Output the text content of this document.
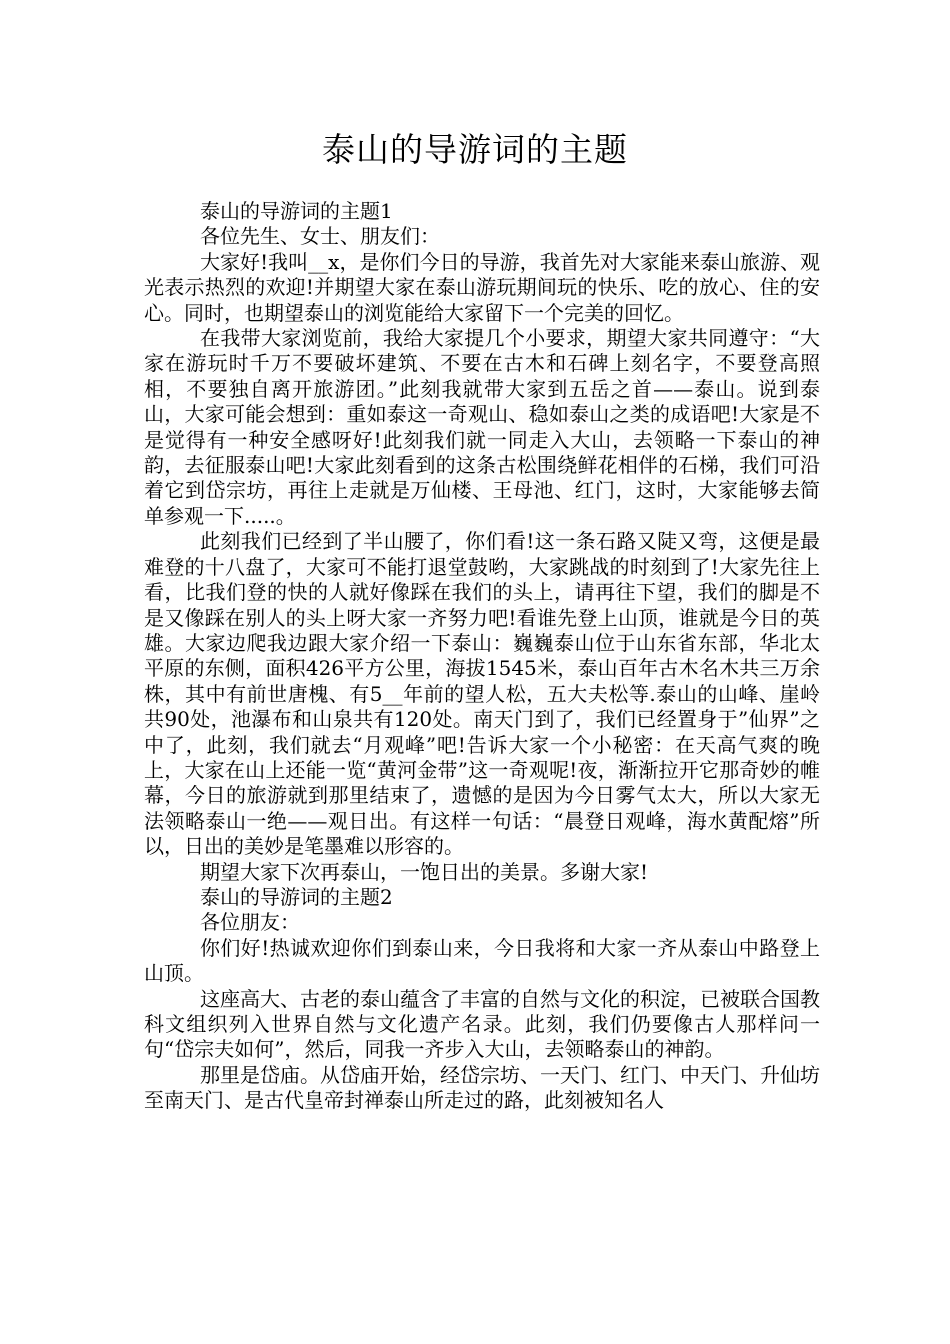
泰山的导游词的主题

泰山的导游词的主题1

各位先生、女士、朋友们：

大家好!我叫__x，是你们今日的导游，我首先对大家能来泰山旅游、观光表示热烈的欢迎!并期望大家在泰山游玩期间玩的快乐、吃的放心、住的安心。同时，也期望泰山的浏览能给大家留下一个完美的回忆。

在我带大家浏览前，我给大家提几个小要求，期望大家共同遵守：“大家在游玩时千万不要破坏建筑、不要在古木和石碑上刻名字，不要登高照相，不要独自离开旅游团。”此刻我就带大家到五岳之首——泰山。说到泰山，大家可能会想到：重如泰这一奇观山、稳如泰山之类的成语吧!大家是不是觉得有一种安全感呀好!此刻我们就一同走入大山，去领略一下泰山的神韵，去征服泰山吧!大家此刻看到的这条古松围绕鲜花相伴的石梯，我们可沿着它到岱宗坊，再往上走就是万仙楼、王母池、红门，这时，大家能够去简单参观一下.....。

此刻我们已经到了半山腰了，你们看!这一条石路又陡又弯，这便是最难登的十八盘了，大家可不能打退堂鼓哟，大家跳战的时刻到了!大家先往上看，比我们登的快的人就好像踩在我们的头上，请再往下望，我们的脚是不是又像踩在别人的头上呀大家一齐努力吧!看谁先登上山顶，谁就是今日的英雄。大家边爬我边跟大家介绍一下泰山：巍巍泰山位于山东省东部，华北太平原的东侧，面积426平方公里，海拔1545米，泰山百年古木名木共三万余株，其中有前世唐槐、有5__年前的望人松，五大夫松等.泰山的山峰、崖岭共90处，池瀑布和山泉共有120处。南天门到了，我们已经置身于”仙界”之中了，此刻，我们就去“月观峰”吧!告诉大家一个小秘密：在天高气爽的晚上，大家在山上还能一览“黄河金带”这一奇观呢!夜，渐渐拉开它那奇妙的帷幕，今日的旅游就到那里结束了，遗憾的是因为今日雾气太大，所以大家无法领略泰山一绝——观日出。有这样一句话：“晨登日观峰，海水黄配熔”所以，日出的美妙是笔墨难以形容的。

期望大家下次再泰山，一饱日出的美景。多谢大家!

泰山的导游词的主题2

各位朋友：

你们好!热诚欢迎你们到泰山来，今日我将和大家一齐从泰山中路登上山顶。

这座高大、古老的泰山蕴含了丰富的自然与文化的积淀，已被联合国教科文组织列入世界自然与文化遗产名录。此刻，我们仍要像古人那样问一句“岱宗夫如何”，然后，同我一齐步入大山，去领略泰山的神韵。

那里是岱庙。从岱庙开始，经岱宗坊、一天门、红门、中天门、升仙坊至南天门、是古代皇帝封禅泰山所走过的路，此刻被知名人
